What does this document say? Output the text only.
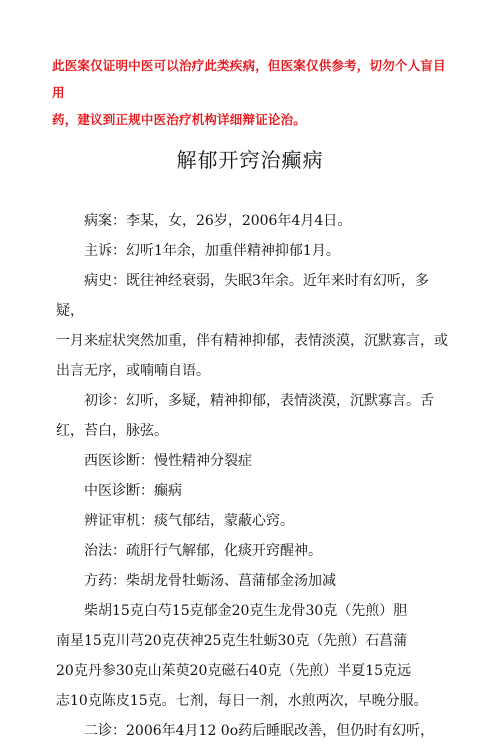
此医案仅证明中医可以治疗此类疾病，但医案仅供参考，切勿个人盲目用
药，建议到正规中医治疗机构详细辩证论治。
解郁开窍治癫病

病案：李某，女，26岁，2006年4月4日。

主诉：幻听1年余，加重伴精神抑郁1月。

病史：既往神经衰弱，失眠3年余。近年来时有幻听，多疑，

一月来症状突然加重，伴有精神抑郁，表情淡漠，沉默寡言，或

出言无序，或喃喃自语。

初诊：幻听，多疑，精神抑郁，表情淡漠，沉默寡言。舌

红，苔白，脉弦。

西医诊断：慢性精神分裂症

中医诊断：癫病

辨证审机：痰气郁结，蒙蔽心窍。

治法：疏肝行气解郁，化痰开窍醒神。

方药：柴胡龙骨牡蛎汤、菖蒲郁金汤加减

柴胡15克白芍15克郁金20克生龙骨30克（先煎）胆

南星15克川芎20克茯神25克生牡蛎30克（先煎）石菖蒲

20克丹参30克山茱萸20克磁石40克（先煎）半夏15克远

志10克陈皮15克。七剂，每日一剂，水煎两次，早晚分服。

二诊：2006年4月12 0o药后睡眠改善，但仍时有幻听，
